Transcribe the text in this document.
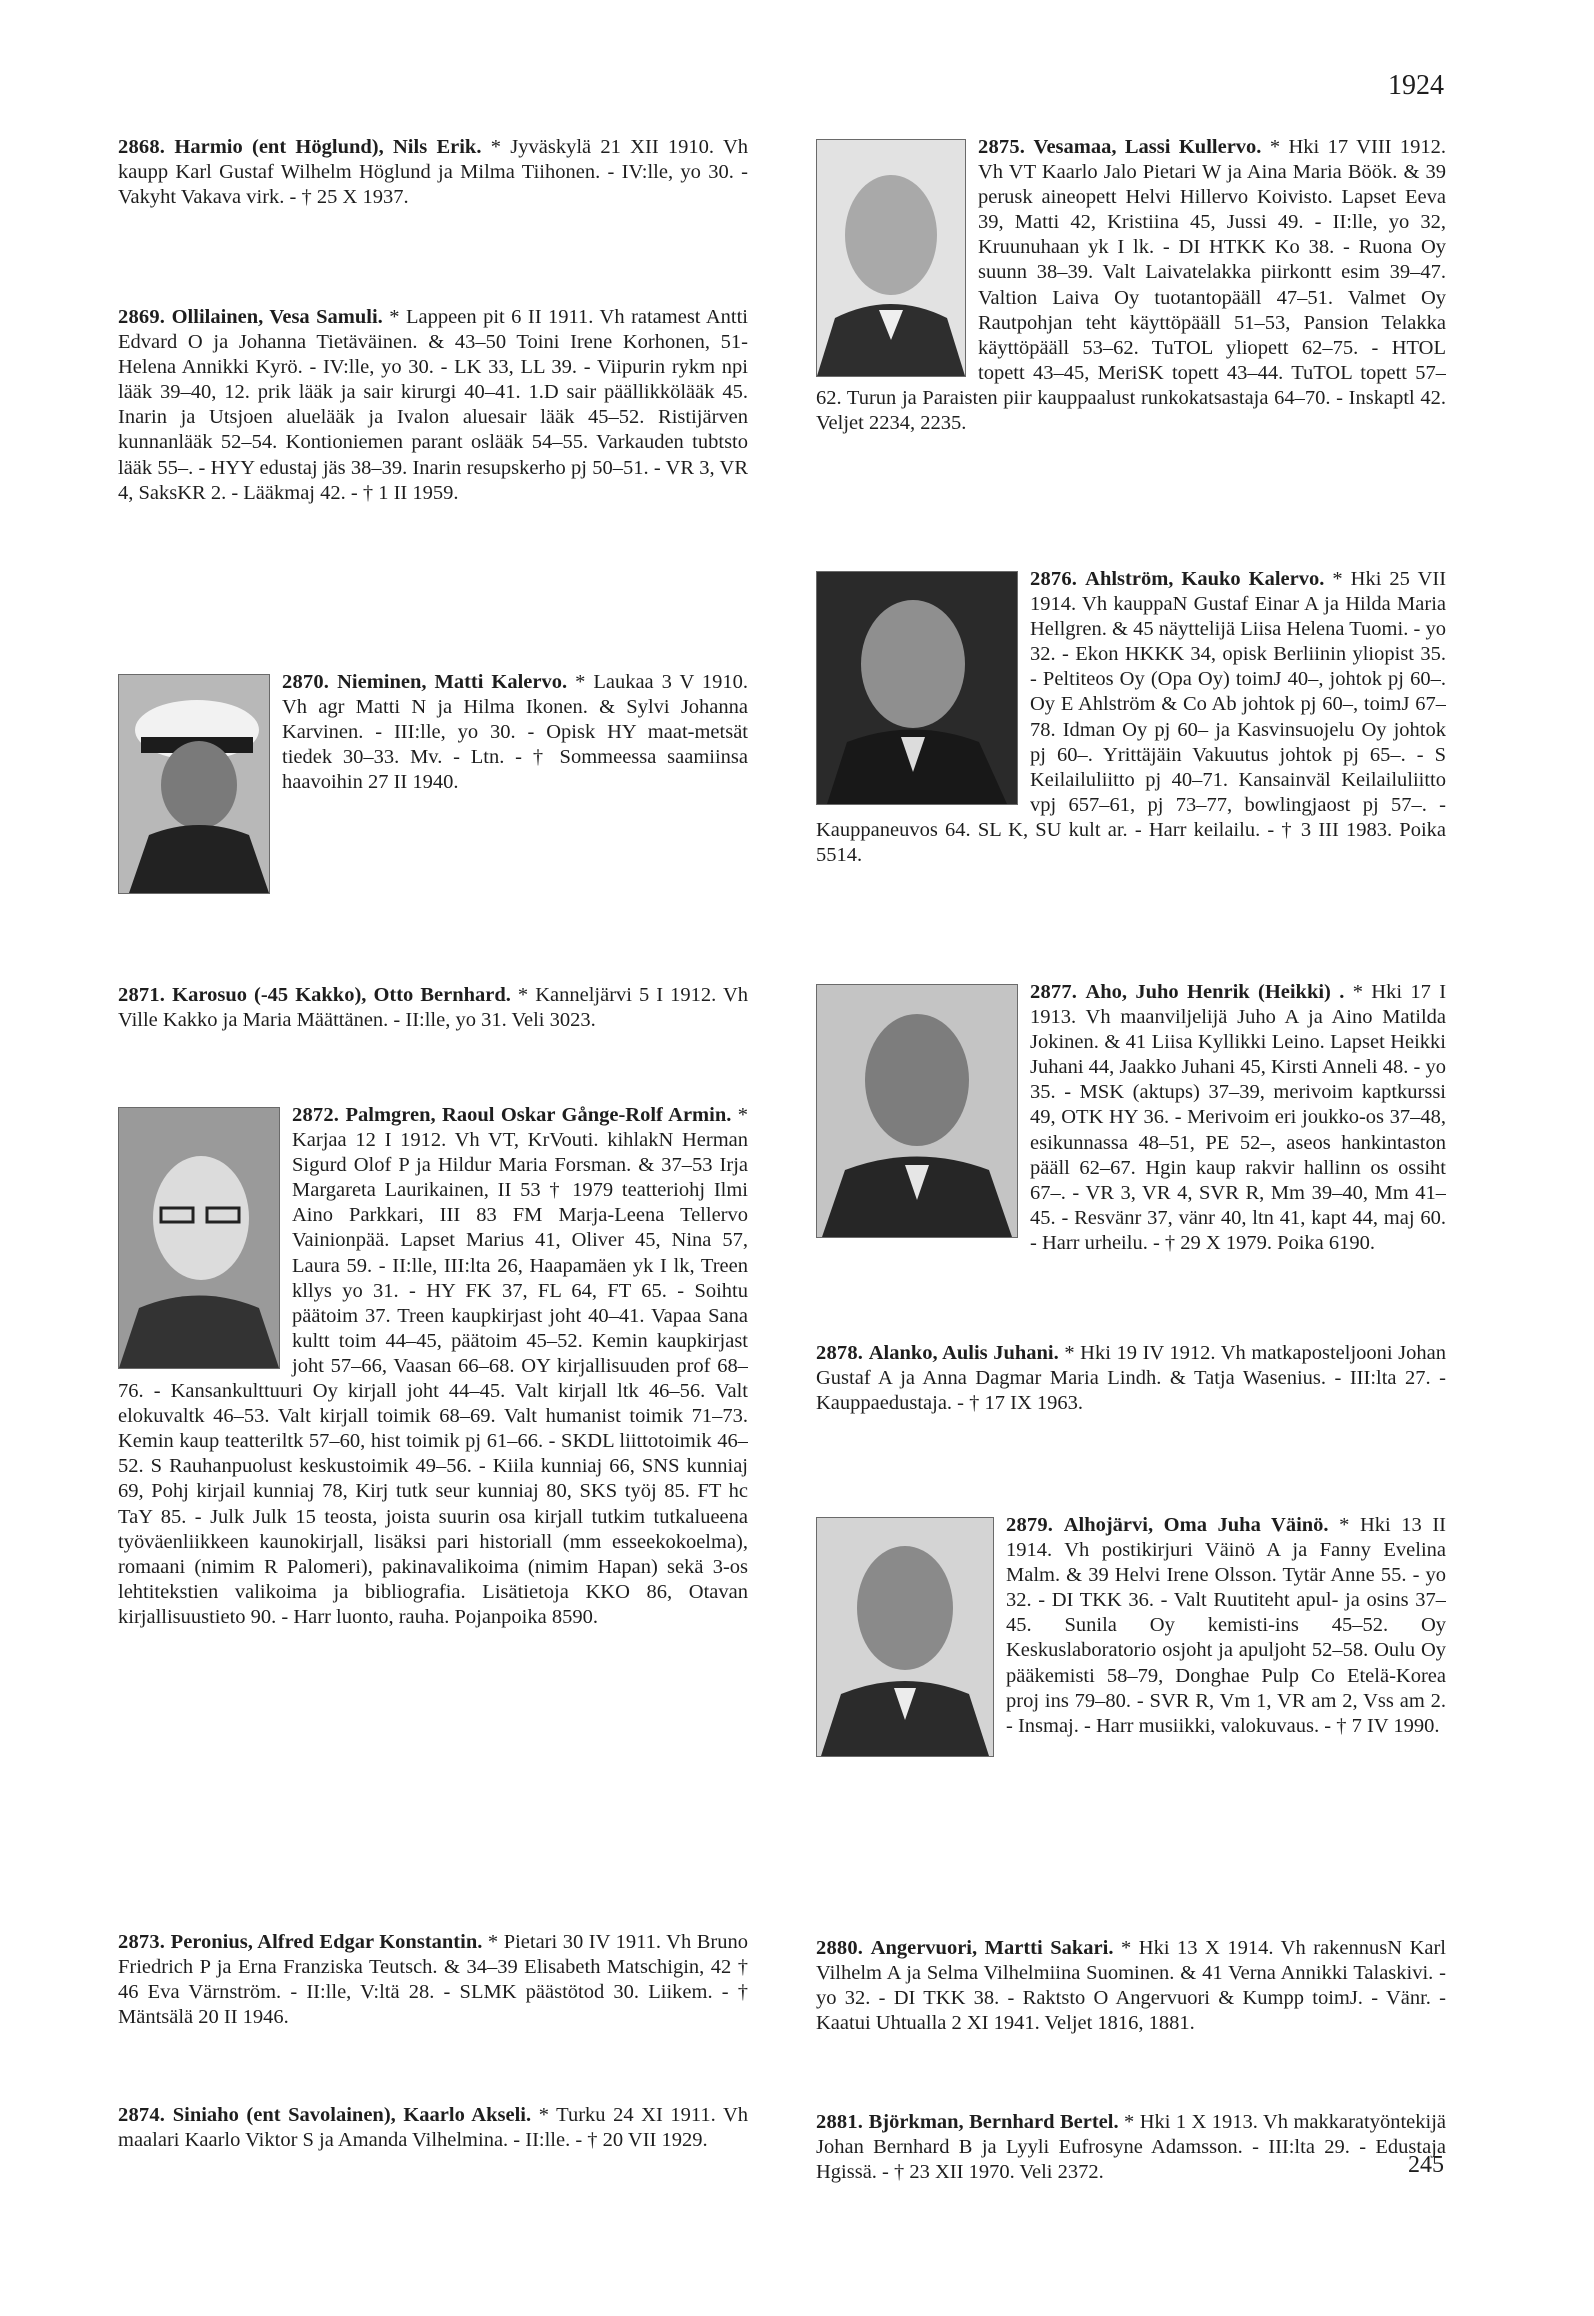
1924
2868. Harmio (ent Höglund), Nils Erik. * Jyväskylä 21 XII 1910. Vh kaupp Karl Gustaf Wilhelm Höglund ja Milma Tiihonen. - IV:lle, yo 30. - Vakyht Vakava virk. - † 25 X 1937.
2869. Ollilainen, Vesa Samuli. * Lappeen pit 6 II 1911. Vh ratamest Antti Edvard O ja Johanna Tietäväinen. & 43–50 Toini Irene Korhonen, 51- Helena Annikki Kyrö. - IV:lle, yo 30. - LK 33, LL 39. - Viipurin rykm npi lääk 39–40, 12. prik lääk ja sair kirurgi 40–41. 1.D sair päällikkölääk 45. Inarin ja Utsjoen aluelääk ja Ivalon aluesair lääk 45–52. Ristijärven kunnanlääk 52–54. Kontioniemen parant oslääk 54–55. Varkauden tubtsto lääk 55–. - HYY edustaj jäs 38–39. Inarin resupskerho pj 50–51. - VR 3, VR 4, SaksKR 2. - Lääkmaj 42. - † 1 II 1959.
2870. Nieminen, Matti Kalervo. * Laukaa 3 V 1910. Vh agr Matti N ja Hilma Ikonen. & Sylvi Johanna Karvinen. - III:lle, yo 30. - Opisk HY maat-metsät tiedek 30–33. Mv. - Ltn. - † Sommeessa saamiinsa haavoihin 27 II 1940.
2871. Karosuo (-45 Kakko), Otto Bernhard. * Kanneljärvi 5 I 1912. Vh Ville Kakko ja Maria Määttänen. - II:lle, yo 31. Veli 3023.
2872. Palmgren, Raoul Oskar Gånge-Rolf Armin. * Karjaa 12 I 1912. Vh VT, KrVouti. kihlakN Herman Sigurd Olof P ja Hildur Maria Forsman. & 37–53 Irja Margareta Laurikainen, II 53 † 1979 teatteriohj Ilmi Aino Parkkari, III 83 FM Marja-Leena Tellervo Vainionpää. Lapset Marius 41, Oliver 45, Nina 57, Laura 59. - II:lle, III:lta 26, Haapamäen yk I lk, Treen kllys yo 31. - HY FK 37, FL 64, FT 65. - Soihtu päätoim 37. Treen kaupkirjast joht 40–41. Vapaa Sana kultt toim 44–45, päätoim 45–52. Kemin kaupkirjast joht 57–66, Vaasan 66–68. OY kirjallisuuden prof 68–76. - Kansankulttuuri Oy kirjall joht 44–45. Valt kirjall ltk 46–56. Valt elokuvaltk 46–53. Valt kirjall toimik 68–69. Valt humanist toimik 71–73. Kemin kaup teatteriltk 57–60, hist toimik pj 61–66. - SKDL liittotoimik 46–52. S Rauhanpuolust keskustoimik 49–56. - Kiila kunniaj 66, SNS kunniaj 69, Pohj kirjail kunniaj 78, Kirj tutk seur kunniaj 80, SKS työj 85. FT hc TaY 85. - Julk Julk 15 teosta, joista suurin osa kirjall tutkim tutkalueena työväenliikkeen kaunokirjall, lisäksi pari historiall (mm esseekokoelma), romaani (nimim R Palomeri), pakinavalikoima (nimim Hapan) sekä 3-os lehtitekstien valikoima ja bibliografia. Lisätietoja KKO 86, Otavan kirjallisuustieto 90. - Harr luonto, rauha. Pojanpoika 8590.
2873. Peronius, Alfred Edgar Konstantin. * Pietari 30 IV 1911. Vh Bruno Friedrich P ja Erna Franziska Teutsch. & 34–39 Elisabeth Matschigin, 42 † 46 Eva Värnström. - II:lle, V:ltä 28. - SLMK päästötod 30. Liikem. - † Mäntsälä 20 II 1946.
2874. Siniaho (ent Savolainen), Kaarlo Akseli. * Turku 24 XI 1911. Vh maalari Kaarlo Viktor S ja Amanda Vilhelmina. - II:lle. - † 20 VII 1929.
2875. Vesamaa, Lassi Kullervo. * Hki 17 VIII 1912. Vh VT Kaarlo Jalo Pietari W ja Aina Maria Böök. & 39 perusk aineopett Helvi Hillervo Koivisto. Lapset Eeva 39, Matti 42, Kristiina 45, Jussi 49. - II:lle, yo 32, Kruunuhaan yk I lk. - DI HTKK Ko 38. - Ruona Oy suunn 38–39. Valt Laivatelakka piirkontt esim 39–47. Valtion Laiva Oy tuotantopääll 47–51. Valmet Oy Rautpohjan teht käyttöpääll 51–53, Pansion Telakka käyttöpääll 53–62. TuTOL yliopett 62–75. - HTOL topett 43–45, MeriSK topett 43–44. TuTOL topett 57–62. Turun ja Paraisten piir kauppaalust runkokatsastaja 64–70. - Inskaptl 42. Veljet 2234, 2235.
2876. Ahlström, Kauko Kalervo. * Hki 25 VII 1914. Vh kauppaN Gustaf Einar A ja Hilda Maria Hellgren. & 45 näyttelijä Liisa Helena Tuomi. - yo 32. - Ekon HKKK 34, opisk Berliinin yliopist 35. - Peltiteos Oy (Opa Oy) toimJ 40–, johtok pj 60–. Oy E Ahlström & Co Ab johtok pj 60–, toimJ 67–78. Idman Oy pj 60– ja Kasvinsuojelu Oy johtok pj 60–. Yrittäjäin Vakuutus johtok pj 65–. - S Keilailuliitto pj 40–71. Kansainväl Keilailuliitto vpj 657–61, pj 73–77, bowlingjaost pj 57–. - Kauppaneuvos 64. SL K, SU kult ar. - Harr keilailu. - † 3 III 1983. Poika 5514.
2877. Aho, Juho Henrik (Heikki) . * Hki 17 I 1913. Vh maanviljelijä Juho A ja Aino Matilda Jokinen. & 41 Liisa Kyllikki Leino. Lapset Heikki Juhani 44, Jaakko Juhani 45, Kirsti Anneli 48. - yo 35. - MSK (aktups) 37–39, merivoim kaptkurssi 49, OTK HY 36. - Merivoim eri joukko-os 37–48, esikunnassa 48–51, PE 52–, aseos hankintaston pääll 62–67. Hgin kaup rakvir hallinn os ossiht 67–. - VR 3, VR 4, SVR R, Mm 39–40, Mm 41–45. - Resvänr 37, vänr 40, ltn 41, kapt 44, maj 60. - Harr urheilu. - † 29 X 1979. Poika 6190.
2878. Alanko, Aulis Juhani. * Hki 19 IV 1912. Vh matkaposteljooni Johan Gustaf A ja Anna Dagmar Maria Lindh. & Tatja Wasenius. - III:lta 27. - Kauppaedustaja. - † 17 IX 1963.
2879. Alhojärvi, Oma Juha Väinö. * Hki 13 II 1914. Vh postikirjuri Väinö A ja Fanny Evelina Malm. & 39 Helvi Irene Olsson. Tytär Anne 55. - yo 32. - DI TKK 36. - Valt Ruutiteht apul- ja osins 37–45. Sunila Oy kemisti-ins 45–52. Oy Keskuslaboratorio osjoht ja apuljoht 52–58. Oulu Oy pääkemisti 58–79, Donghae Pulp Co Etelä-Korea proj ins 79–80. - SVR R, Vm 1, VR am 2, Vss am 2. - Insmaj. - Harr musiikki, valokuvaus. - † 7 IV 1990.
2880. Angervuori, Martti Sakari. * Hki 13 X 1914. Vh rakennusN Karl Vilhelm A ja Selma Vilhelmiina Suominen. & 41 Verna Annikki Talaskivi. - yo 32. - DI TKK 38. - Raktsto O Angervuori & Kumpp toimJ. - Vänr. - Kaatui Uhtualla 2 XI 1941. Veljet 1816, 1881.
2881. Björkman, Bernhard Bertel. * Hki 1 X 1913. Vh makkaratyöntekijä Johan Bernhard B ja Lyyli Eufrosyne Adamsson. - III:lta 29. - Edustaja Hgissä. - † 23 XII 1970. Veli 2372.	245
